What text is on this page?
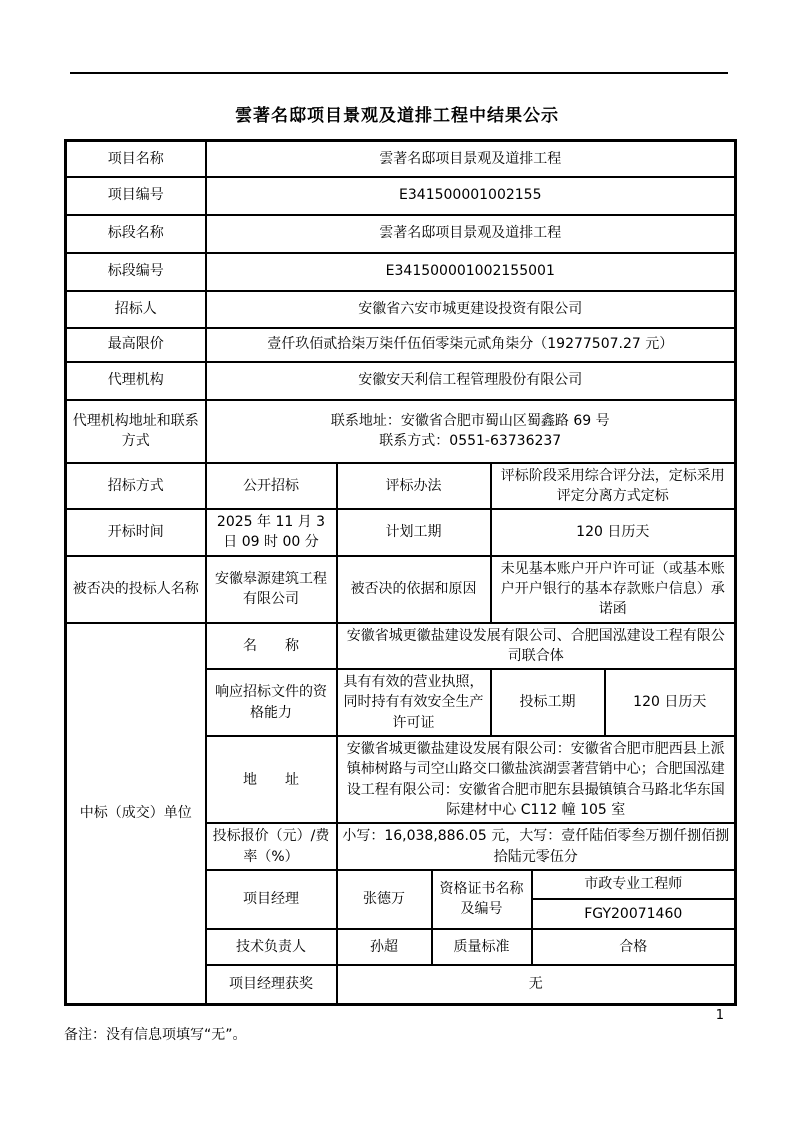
雲著名邸项目景观及道排工程中结果公示
项目名称	雲著名邸项目景观及道排工程					
项目编号	E341500001002155					
标段名称	雲著名邸项目景观及道排工程					
标段编号	E341500001002155001					
招标人	安徽省六安市城更建设投资有限公司					
最高限价	壹仟玖佰贰拾柒万柒仟伍佰零柒元贰角柒分（19277507.27 元）					
代理机构	安徽安天利信工程管理股份有限公司					
代理机构地址和联系方式	联系地址：安徽省合肥市蜀山区蜀鑫路 69 号
联系方式：0551-63736237					

招标方式	公开招标	评标办法		评标阶段采用综合评分法，定标采用评定分离方式定标		
开标时间	2025 年 11 月 3 日 09 时 00 分	计划工期		120 日历天		
被否决的投标人名称	安徽皋源建筑工程有限公司	被否决的依据和原因		未见基本账户开户许可证（或基本账户开户银行的基本存款账户信息）承诺函		
中标（成交）单位	名　　称	安徽省城更徽盐建设发展有限公司、合肥国泓建设工程有限公司联合体				
	响应招标文件的资格能力	具有有效的营业执照，同时持有有效安全生产许可证		投标工期		120 日历天
	地　　址	安徽省城更徽盐建设发展有限公司：安徽省合肥市肥西县上派镇柿树路与司空山路交口徽盐滨湖雲著营销中心；合肥国泓建设工程有限公司：安徽省合肥市肥东县撮镇镇合马路北华东国际建材中心 C112 幢 105 室				
	投标报价（元）/费率（%）	小写：16,038,886.05 元，大写：壹仟陆佰零叁万捌仟捌佰捌拾陆元零伍分				
	项目经理	张德万	资格证书名称及编号		市政专业工程师	
					FGY20071460	
	技术负责人	孙超	质量标准		合格	
	项目经理获奖	无				
1
备注：没有信息项填写“无”。
